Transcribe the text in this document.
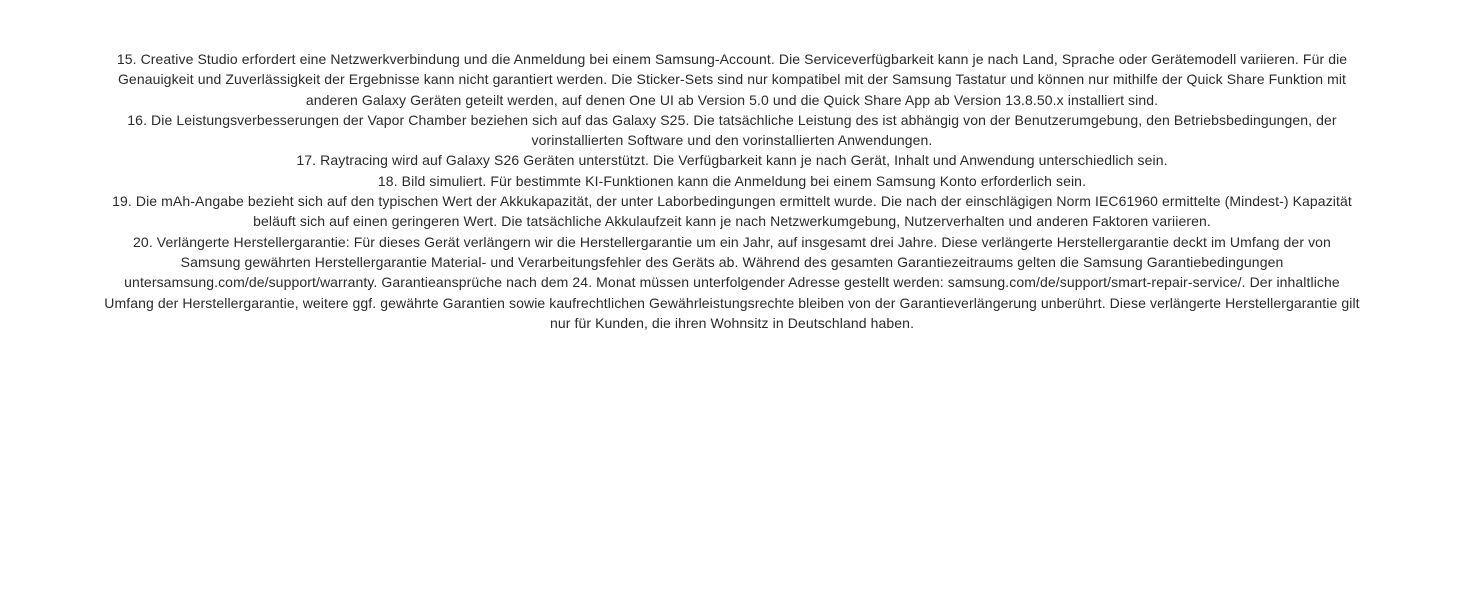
15. Creative Studio erfordert eine Netzwerkverbindung und die Anmeldung bei einem Samsung-Account. Die Serviceverfügbarkeit kann je nach Land, Sprache oder Gerätemodell variieren. Für die Genauigkeit und Zuverlässigkeit der Ergebnisse kann nicht garantiert werden. Die Sticker-Sets sind nur kompatibel mit der Samsung Tastatur und können nur mithilfe der Quick Share Funktion mit anderen Galaxy Geräten geteilt werden, auf denen One UI ab Version 5.0 und die Quick Share App ab Version 13.8.50.x installiert sind.

16. Die Leistungsverbesserungen der Vapor Chamber beziehen sich auf das Galaxy S25. Die tatsächliche Leistung des ist abhängig von der Benutzerumgebung, den Betriebsbedingungen, der vorinstallierten Software und den vorinstallierten Anwendungen.

17. Raytracing wird auf Galaxy S26 Geräten unterstützt. Die Verfügbarkeit kann je nach Gerät, Inhalt und Anwendung unterschiedlich sein.

18. Bild simuliert. Für bestimmte KI-Funktionen kann die Anmeldung bei einem Samsung Konto erforderlich sein.

19. Die mAh-Angabe bezieht sich auf den typischen Wert der Akkukapazität, der unter Laborbedingungen ermittelt wurde. Die nach der einschlägigen Norm IEC61960 ermittelte (Mindest-) Kapazität beläuft sich auf einen geringeren Wert. Die tatsächliche Akkulaufzeit kann je nach Netzwerkumgebung, Nutzerverhalten und anderen Faktoren variieren.

20. Verlängerte Herstellergarantie: Für dieses Gerät verlängern wir die Herstellergarantie um ein Jahr, auf insgesamt drei Jahre. Diese verlängerte Herstellergarantie deckt im Umfang der von Samsung gewährten Herstellergarantie Material- und Verarbeitungsfehler des Geräts ab. Während des gesamten Garantiezeitraums gelten die Samsung Garantiebedingungen untersamsung.com/de/support/warranty. Garantieansprüche nach dem 24. Monat müssen unterfolgender Adresse gestellt werden: samsung.com/de/support/smart-repair-service/. Der inhaltliche Umfang der Herstellergarantie, weitere ggf. gewährte Garantien sowie kaufrechtlichen Gewährleistungsrechte bleiben von der Garantieverlängerung unberührt. Diese verlängerte Herstellergarantie gilt nur für Kunden, die ihren Wohnsitz in Deutschland haben.
